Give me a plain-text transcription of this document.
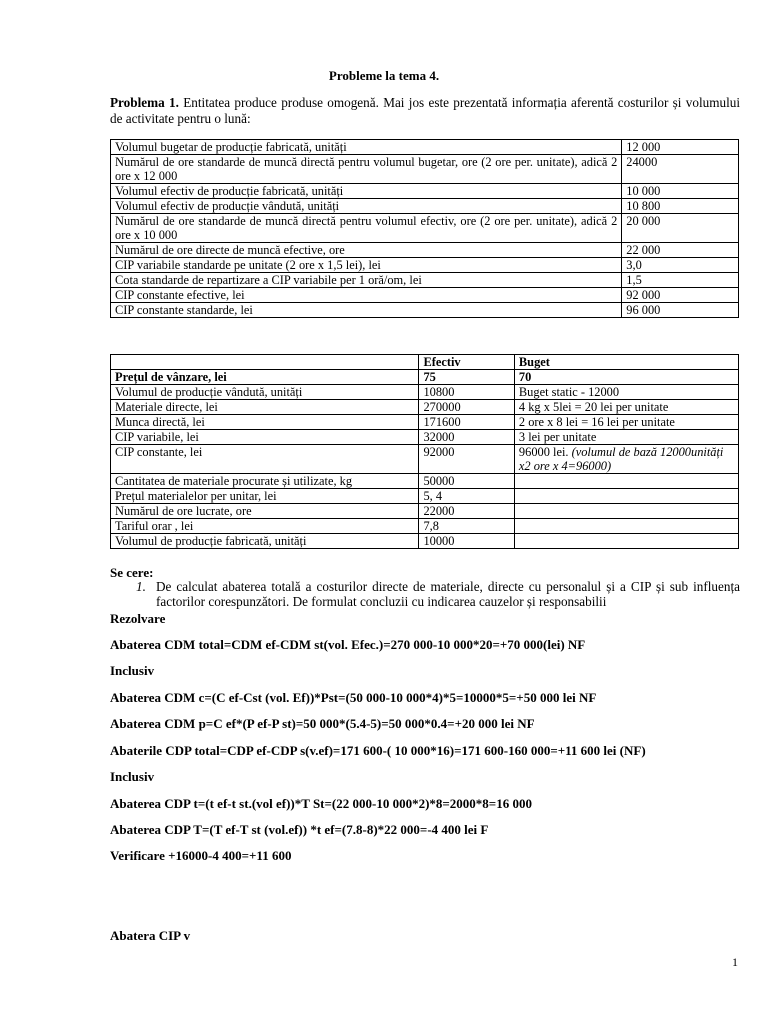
Probleme la tema 4.
Problema 1. Entitatea produce produse omogenă. Mai jos este prezentată informația aferentă costurilor și volumului de activitate pentru o lună:
Volumul bugetar de producție fabricată, unități	12 000
Numărul de ore standarde de muncă directă pentru volumul bugetar, ore (2 ore per. unitate), adică 2 ore x 12 000	24000
Volumul efectiv de producție fabricată, unități	10 000
Volumul efectiv de producție vândută, unități	10 800
Numărul de ore standarde de muncă directă pentru volumul efectiv, ore (2 ore per. unitate), adică 2 ore x 10 000	20 000
Numărul de ore directe de muncă efective, ore	22 000
CIP variabile standarde pe unitate (2 ore x 1,5 lei), lei	3,0
Cota standarde de repartizare a CIP variabile per 1 oră/om, lei	1,5
CIP constante efective, lei	92 000
CIP constante standarde, lei	96 000
	Efectiv	Buget
Prețul de vânzare, lei	75	70
Volumul de producție vândută, unități	10800	Buget static - 12000
Materiale directe, lei	270000	4 kg x 5lei = 20 lei per unitate
Munca directă, lei	171600	2 ore x 8 lei = 16 lei per unitate
CIP variabile, lei	32000	3 lei per unitate
CIP constante, lei	92000	96000 lei. (volumul de bază 12000unități x2 ore x 4=96000)
Cantitatea de materiale procurate și utilizate, kg	50000	
Prețul materialelor per unitar, lei	5, 4	
Numărul de ore lucrate, ore	22000	
Tariful orar , lei	7,8	
Volumul de producție fabricată, unități	10000	
Se cere:
1. De calculat abaterea totală a costurilor directe de materiale, directe cu personalul și a CIP și sub influența factorilor corespunzători. De formulat concluzii cu indicarea cauzelor și responsabilii
Rezolvare
Abaterea CDM total=CDM ef-CDM st(vol. Efec.)=270 000-10 000*20=+70 000(lei) NF
Inclusiv
Abaterea CDM c=(C ef-Cst (vol. Ef))*Pst=(50 000-10 000*4)*5=10000*5=+50 000 lei NF
Abaterea CDM p=C ef*(P ef-P st)=50 000*(5.4-5)=50 000*0.4=+20 000 lei NF
Abaterile CDP total=CDP ef-CDP s(v.ef)=171 600-( 10 000*16)=171 600-160 000=+11 600 lei (NF)
Inclusiv
Abaterea CDP t=(t ef-t st.(vol ef))*T St=(22 000-10 000*2)*8=2000*8=16 000
Abaterea CDP T=(T ef-T st (vol.ef)) *t ef=(7.8-8)*22 000=-4 400 lei F
Verificare +16000-4 400=+11 600
Abatera CIP v
1
